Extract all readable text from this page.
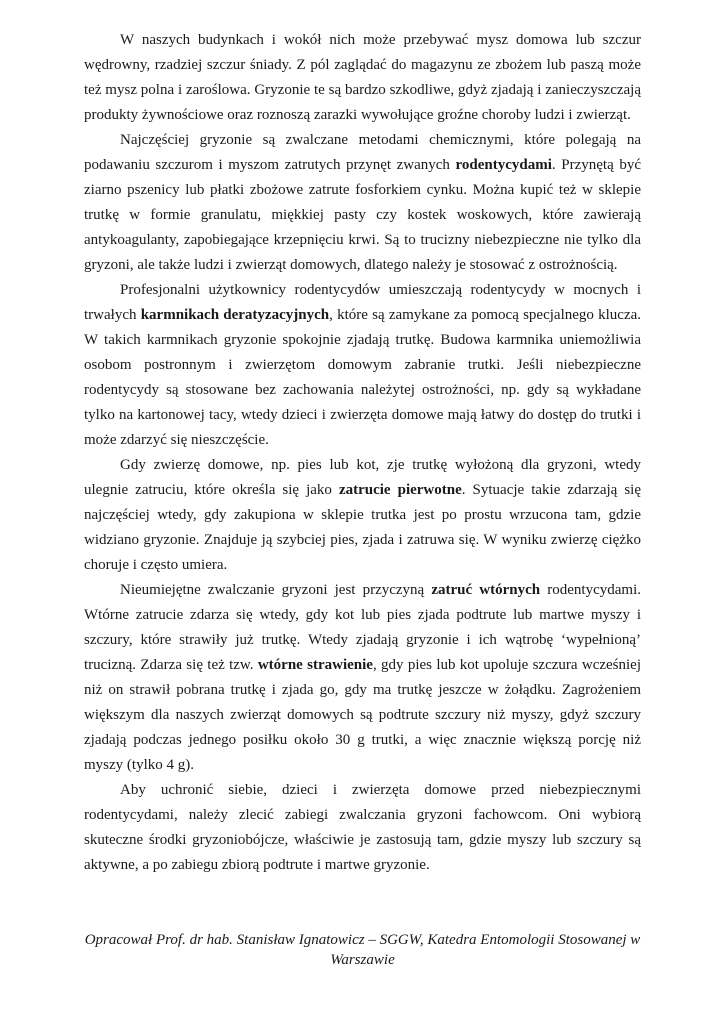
W naszych budynkach i wokół nich może przebywać mysz domowa lub szczur wędrowny, rzadziej szczur śniady. Z pól zaglądać do magazynu ze zbożem lub paszą może też mysz polna i zaroślowa. Gryzonie te są bardzo szkodliwe, gdyż zjadają i zanieczyszczają produkty żywnościowe oraz roznoszą zarazki wywołujące groźne choroby ludzi i zwierząt.

Najczęściej gryzonie są zwalczane metodami chemicznymi, które polegają na podawaniu szczurom i myszom zatrutych przynęt zwanych rodentycydami. Przynętą być ziarno pszenicy lub płatki zbożowe zatrute fosforkiem cynku. Można kupić też w sklepie trutkę w formie granulatu, miękkiej pasty czy kostek woskowych, które zawierają antykoagulanty, zapobiegające krzepnięciu krwi. Są to trucizny niebezpieczne nie tylko dla gryzoni, ale także ludzi i zwierząt domowych, dlatego należy je stosować z ostrożnością.

Profesjonalni użytkownicy rodentycydów umieszczają rodentycydy w mocnych i trwałych karmnikach deratyzacyjnych, które są zamykane za pomocą specjalnego klucza. W takich karmnikach gryzonie spokojnie zjadają trutkę. Budowa karmnika uniemożliwia osobom postronnym i zwierzętom domowym zabranie trutki. Jeśli niebezpieczne rodentycydy są stosowane bez zachowania należytej ostrożności, np. gdy są wykładane tylko na kartonowej tacy, wtedy dzieci i zwierzęta domowe mają łatwy do dostęp do trutki i może zdarzyć się nieszczęście.

Gdy zwierzę domowe, np. pies lub kot, zje trutkę wyłożoną dla gryzoni, wtedy ulegnie zatruciu, które określa się jako zatrucie pierwotne. Sytuacje takie zdarzają się najczęściej wtedy, gdy zakupiona w sklepie trutka jest po prostu wrzucona tam, gdzie widziano gryzonie. Znajduje ją szybciej pies, zjada i zatruwa się. W wyniku zwierzę ciężko choruje i często umiera.

Nieumiejętne zwalczanie gryzoni jest przyczyną zatruć wtórnych rodentycydami. Wtórne zatrucie zdarza się wtedy, gdy kot lub pies zjada podtrute lub martwe myszy i szczury, które strawiły już trutkę. Wtedy zjadają gryzonie i ich wątrobę ‘wypełnioną’ trucizną. Zdarza się też tzw. wtórne strawienie, gdy pies lub kot upoluje szczura wcześniej niż on strawił pobrana trutkę i zjada go, gdy ma trutkę jeszcze w żołądku. Zagrożeniem większym dla naszych zwierząt domowych są podtrute szczury niż myszy, gdyż szczury zjadają podczas jednego posiłku około 30 g trutki, a więc znacznie większą porcję niż myszy (tylko 4 g).

Aby uchronić siebie, dzieci i zwierzęta domowe przed niebezpiecznymi rodentycydami, należy zlecić zabiegi zwalczania gryzoni fachowcom. Oni wybiorą skuteczne środki gryzoniobójcze, właściwie je zastosują tam, gdzie myszy lub szczury są aktywne, a po zabiegu zbiorą podtrute i martwe gryzonie.

Opracował Prof. dr hab. Stanisław Ignatowicz – SGGW, Katedra Entomologii Stosowanej w
Warszawie
